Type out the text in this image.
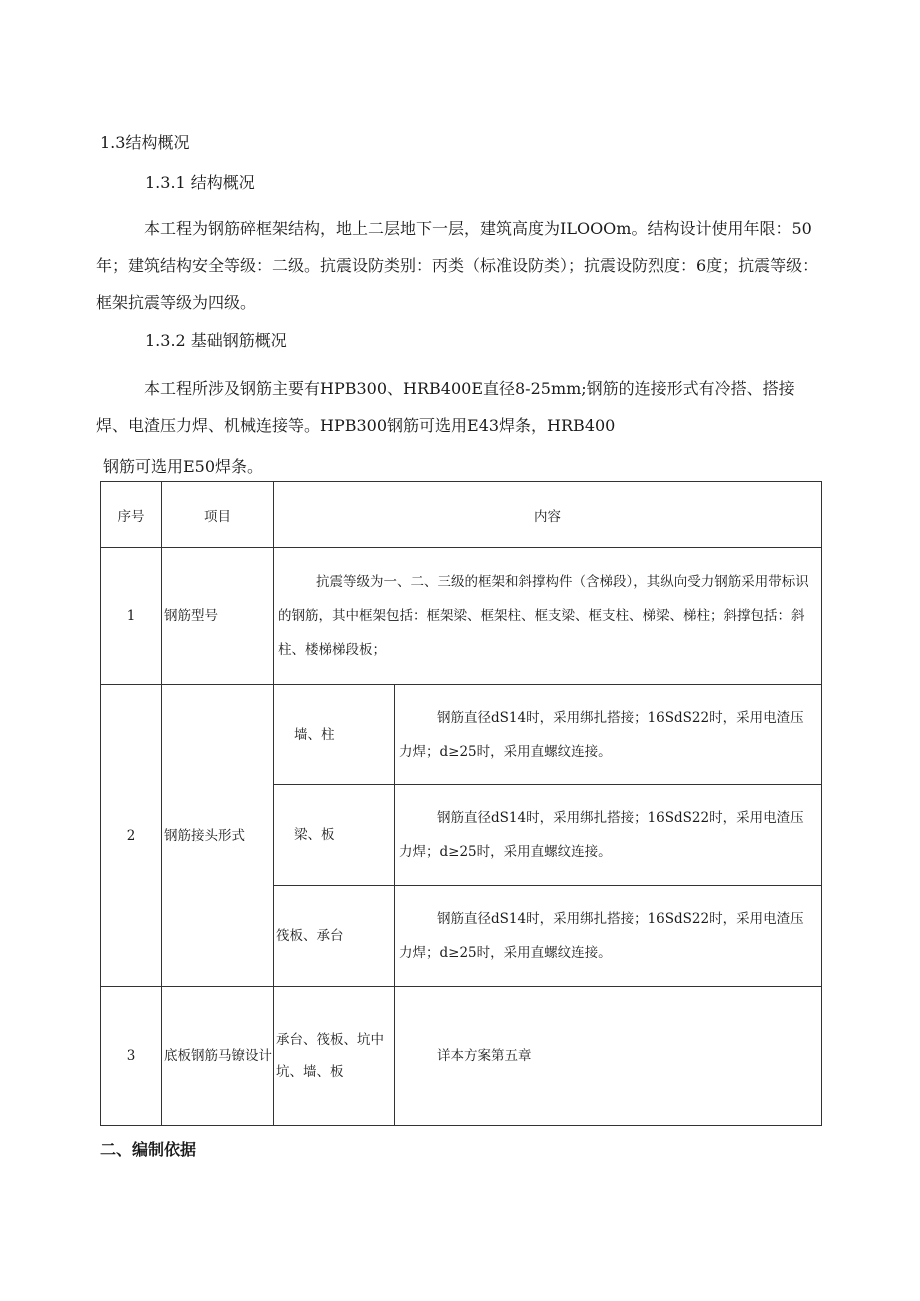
1.3结构概况
1.3.1 结构概况
本工程为钢筋碎框架结构，地上二层地下一层，建筑高度为ILOOOm。结构设计使用年限：50年；建筑结构安全等级：二级。抗震设防类别：丙类（标准设防类）；抗震设防烈度：6度；抗震等级：框架抗震等级为四级。
1.3.2 基础钢筋概况
本工程所涉及钢筋主要有HPB300、HRB400E直径8-25mm;钢筋的连接形式有冷搭、搭接焊、电渣压力焊、机械连接等。HPB300钢筋可选用E43焊条，HRB400
钢筋可选用E50焊条。
序号	项目	内容	
1	钢筋型号	抗震等级为一、二、三级的框架和斜撑构件（含梯段），其纵向受力钢筋采用带标识的钢筋，其中框架包括：框架梁、框架柱、框支梁、框支柱、梯梁、梯柱；斜撑包括：斜柱、楼梯梯段板；	
2	钢筋接头形式	墙、柱	钢筋直径dS14时，采用绑扎搭接；16SdS22时，采用电渣压力焊；d≥25时，采用直螺纹连接。
		梁、板	钢筋直径dS14时，采用绑扎搭接；16SdS22时，采用电渣压力焊；d≥25时，采用直螺纹连接。
		筏板、承台	钢筋直径dS14时，采用绑扎搭接；16SdS22时，采用电渣压力焊；d≥25时，采用直螺纹连接。
3	底板钢筋马镣设计	承台、筏板、坑中坑、墙、板	详本方案第五章
二、编制依据
